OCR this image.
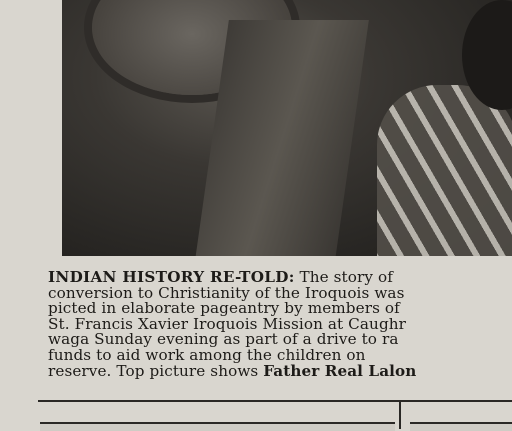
INDIAN HISTORY RE-TOLD: The story of
conversion to Christianity of the Iroquois was
picted in elaborate pageantry by members of
St. Francis Xavier Iroquois Mission at Caughr
waga Sunday evening as part of a drive to ra
funds to aid work among the children on
reserve. Top picture shows Father Real Lalon
